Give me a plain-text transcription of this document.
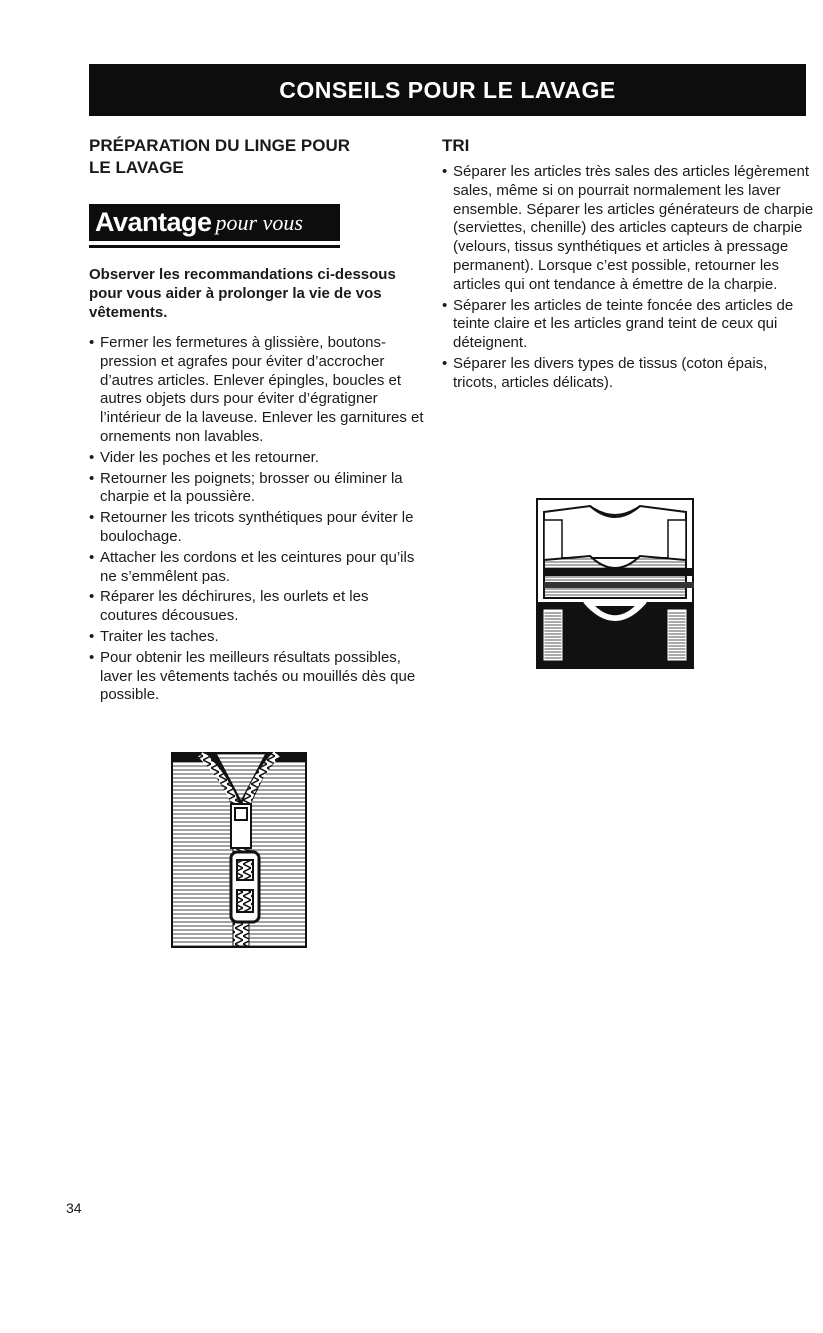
CONSEILS POUR LE LAVAGE
PRÉPARATION DU LINGE POUR
LE LAVAGE
Avantage pour vous

Observer les recommandations ci-dessous pour vous aider à prolonger la vie de vos vêtements.

• Fermer les fermetures à glissière, boutons-pression et agrafes pour éviter d’accrocher d’autres articles. Enlever épingles, boucles et autres objets durs pour éviter d’égratigner l’intérieur de la laveuse. Enlever les garnitures et ornements non lavables.
• Vider les poches et les retourner.
• Retourner les poignets; brosser ou éliminer la charpie et la poussière.
• Retourner les tricots synthétiques pour éviter le boulochage.
• Attacher les cordons et les ceintures pour qu’ils ne s’emmêlent pas.
• Réparer les déchirures, les ourlets et les coutures décousues.
• Traiter les taches.
• Pour obtenir les meilleurs résultats possibles, laver les vêtements tachés ou mouillés dès que possible.
TRI
• Séparer les articles très sales des articles légèrement sales, même si on pourrait normalement les laver ensemble. Séparer les articles générateurs de charpie (serviettes, chenille) des articles capteurs de charpie (velours, tissus synthétiques et articles à pressage permanent). Lorsque c’est possible, retourner les articles qui ont tendance à émettre de la charpie.
• Séparer les articles de teinte foncée des articles de teinte claire et les articles grand teint de ceux qui déteignent.
• Séparer les divers types de tissus (coton épais, tricots, articles délicats).
34
